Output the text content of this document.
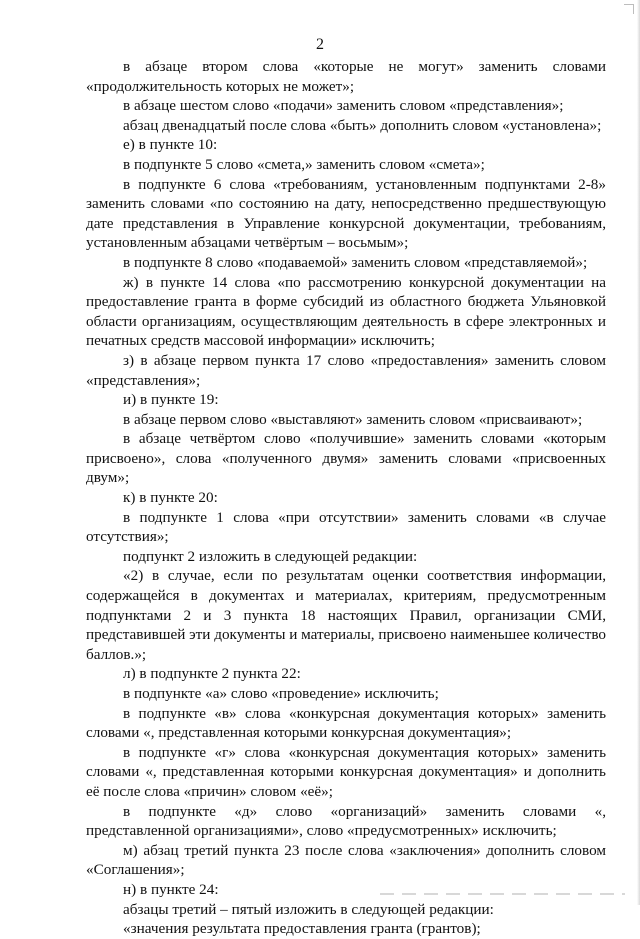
2

в абзаце втором слова «которые не могут» заменить словами «продолжительность которых не может»;

в абзаце шестом слово «подачи» заменить словом «представления»;

абзац двенадцатый после слова «быть» дополнить словом «установлена»;

е) в пункте 10:

в подпункте 5 слово «смета,» заменить словом «смета»;

в подпункте 6 слова «требованиям, установленным подпунктами 2-8» заменить словами «по состоянию на дату, непосредственно предшествующую дате представления в Управление конкурсной документации, требованиям, установленным абзацами четвёртым – восьмым»;

в подпункте 8 слово «подаваемой» заменить словом «представляемой»;

ж) в пункте 14 слова «по рассмотрению конкурсной документации на предоставление гранта в форме субсидий из областного бюджета Ульяновкой области организациям, осуществляющим деятельность в сфере электронных и печатных средств массовой информации» исключить;

з) в абзаце первом пункта 17 слово «предоставления» заменить словом «представления»;

и) в пункте 19:

в абзаце первом слово «выставляют» заменить словом «присваивают»;

в абзаце четвёртом слово «получившие» заменить словами «которым присвоено», слова «полученного двумя» заменить словами «присвоенных двум»;

к) в пункте 20:

в подпункте 1 слова «при отсутствии» заменить словами «в случае отсутствия»;

подпункт 2 изложить в следующей редакции:

«2) в случае, если по результатам оценки соответствия информации, содержащейся в документах и материалах, критериям, предусмотренным подпунктами 2 и 3 пункта 18 настоящих Правил, организации СМИ, представившей эти документы и материалы, присвоено наименьшее количество баллов.»;

л) в подпункте 2 пункта 22:

в подпункте «а» слово «проведение» исключить;

в подпункте «в» слова «конкурсная документация которых» заменить словами «, представленная которыми конкурсная документация»;

в подпункте «г» слова «конкурсная документация которых» заменить словами «, представленная которыми конкурсная документация» и дополнить её после слова «причин» словом «её»;

в подпункте «д» слово «организаций» заменить словами «, представленной организациями», слово «предусмотренных» исключить;

м) абзац третий пункта 23 после слова «заключения» дополнить словом «Соглашения»;

н) в пункте 24:

абзацы третий – пятый изложить в следующей редакции:

«значения результата предоставления гранта (грантов);
